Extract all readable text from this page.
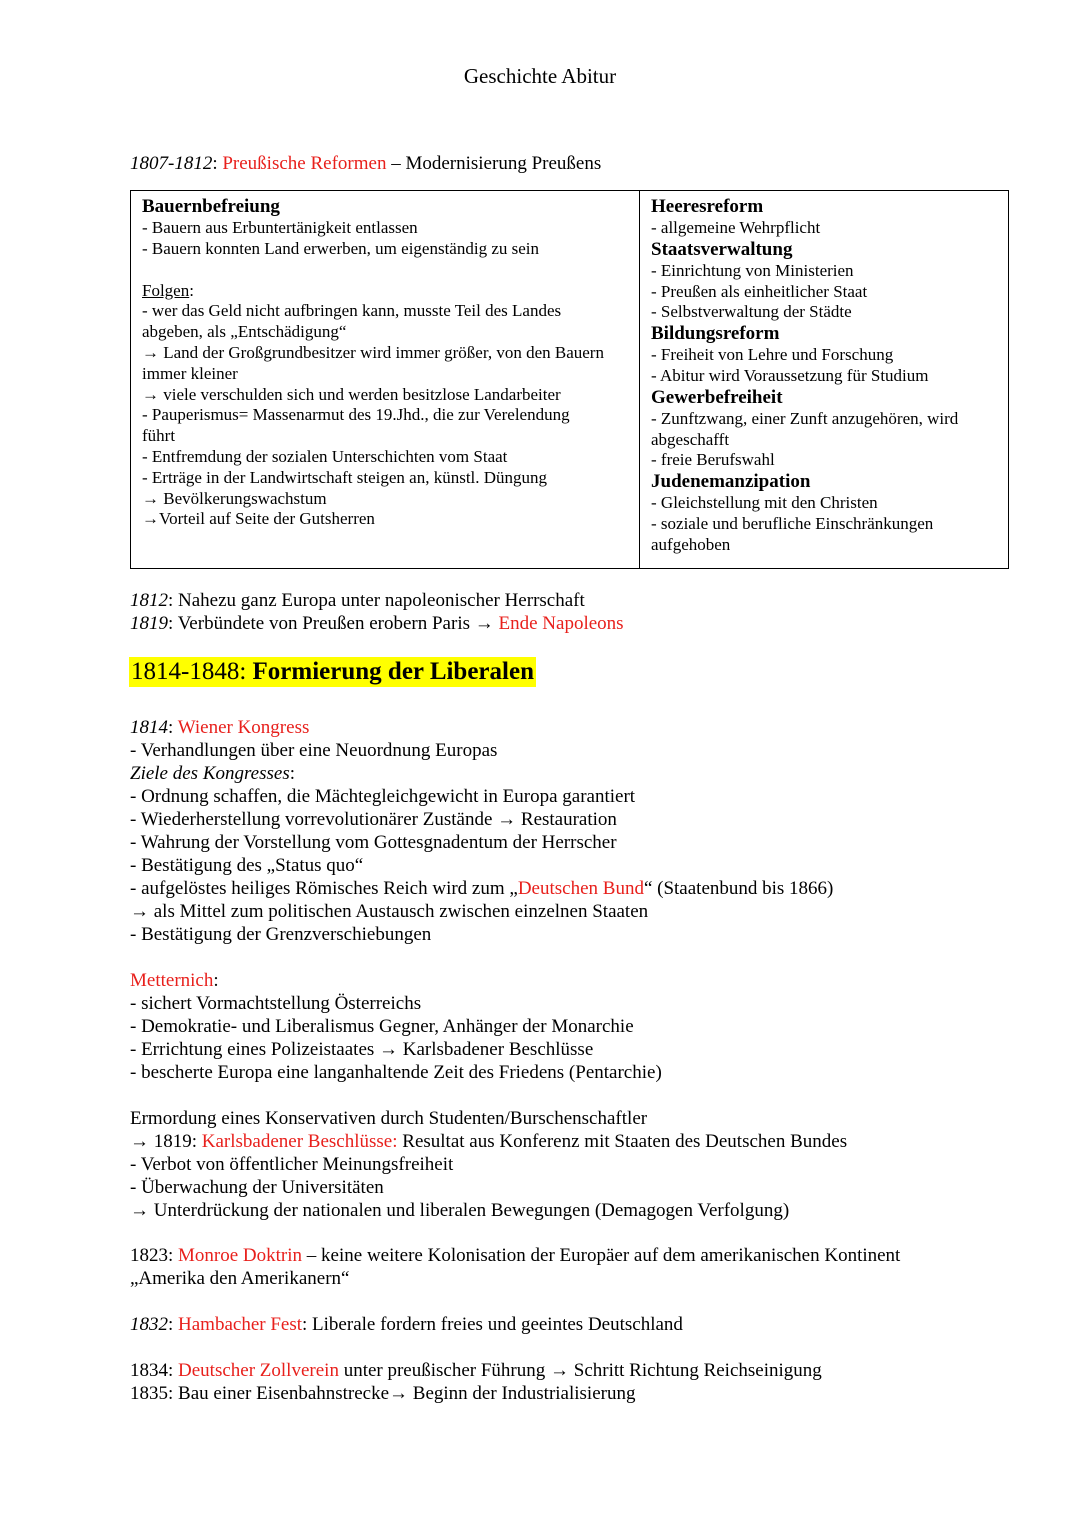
Geschichte Abitur
1807-1812: Preußische Reformen – Modernisierung Preußens
Bauernbefreiung
- Bauern aus Erbuntertänigkeit entlassen
- Bauern konnten Land erwerben, um eigenständig zu sein
Folgen:
- wer das Geld nicht aufbringen kann, musste Teil des Landes
abgeben, als „Entschädigung“
→ Land der Großgrundbesitzer wird immer größer, von den Bauern
immer kleiner
→ viele verschulden sich und werden besitzlose Landarbeiter
- Pauperismus= Massenarmut des 19.Jhd., die zur Verelendung
führt
- Entfremdung der sozialen Unterschichten vom Staat
- Erträge in der Landwirtschaft steigen an, künstl. Düngung
→ Bevölkerungswachstum
→Vorteil auf Seite der Gutsherren
Heeresreform
- allgemeine Wehrpflicht
Staatsverwaltung
- Einrichtung von Ministerien
- Preußen als einheitlicher Staat
- Selbstverwaltung der Städte
Bildungsreform
- Freiheit von Lehre und Forschung
- Abitur wird Voraussetzung für Studium
Gewerbefreiheit
- Zunftzwang, einer Zunft anzugehören, wird
abgeschafft
- freie Berufswahl
Judenemanzipation
- Gleichstellung mit den Christen
- soziale und berufliche Einschränkungen
aufgehoben
1812: Nahezu ganz Europa unter napoleonischer Herrschaft
1819: Verbündete von Preußen erobern Paris → Ende Napoleons
1814-1848: Formierung der Liberalen
1814: Wiener Kongress
- Verhandlungen über eine Neuordnung Europas
Ziele des Kongresses:
- Ordnung schaffen, die Mächtegleichgewicht in Europa garantiert
- Wiederherstellung vorrevolutionärer Zustände → Restauration
- Wahrung der Vorstellung vom Gottesgnadentum der Herrscher
- Bestätigung des „Status quo“
- aufgelöstes heiliges Römisches Reich wird zum „Deutschen Bund“ (Staatenbund bis 1866)
→ als Mittel zum politischen Austausch zwischen einzelnen Staaten
- Bestätigung der Grenzverschiebungen
Metternich:
- sichert Vormachtstellung Österreichs
- Demokratie- und Liberalismus Gegner, Anhänger der Monarchie
- Errichtung eines Polizeistaates → Karlsbadener Beschlüsse
- bescherte Europa eine langanhaltende Zeit des Friedens (Pentarchie)
Ermordung eines Konservativen durch Studenten/Burschenschaftler
→ 1819: Karlsbadener Beschlüsse: Resultat aus Konferenz mit Staaten des Deutschen Bundes
- Verbot von öffentlicher Meinungsfreiheit
- Überwachung der Universitäten
→ Unterdrückung der nationalen und liberalen Bewegungen (Demagogen Verfolgung)
1823: Monroe Doktrin – keine weitere Kolonisation der Europäer auf dem amerikanischen Kontinent
„Amerika den Amerikanern“
1832: Hambacher Fest: Liberale fordern freies und geeintes Deutschland
1834: Deutscher Zollverein unter preußischer Führung → Schritt Richtung Reichseinigung
1835: Bau einer Eisenbahnstrecke→ Beginn der Industrialisierung
